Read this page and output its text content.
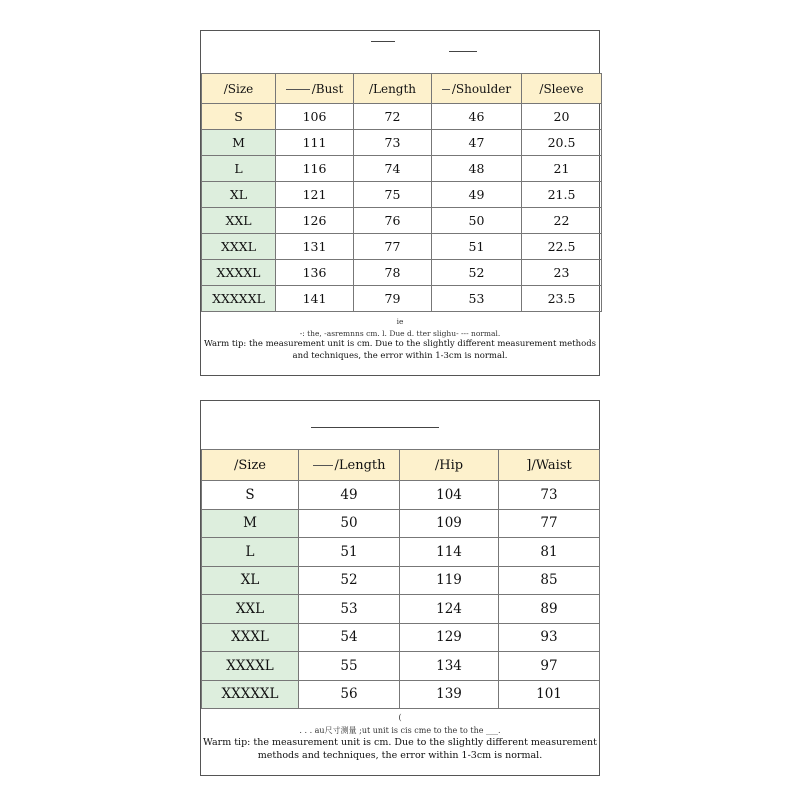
/Size	/Bust	/Length	/Shoulder	/Sleeve
S	106	72	46	20
M	111	73	47	20.5
L	116	74	48	21
XL	121	75	49	21.5
XXL	126	76	50	22
XXXL	131	77	51	22.5
XXXXL	136	78	52	23
XXXXXL	141	79	53	23.5
ie
-: the, -asremnns cm. l. Due d. tter slighu- --- normal.
Warm tip: the measurement unit is cm. Due to the slightly different measurement methods
and techniques, the error within 1-3cm is normal.
/Size	/Length	/Hip	]/Waist
S	49	104	73
M	50	109	77
L	51	114	81
XL	52	119	85
XXL	53	124	89
XXXL	54	129	93
XXXXL	55	134	97
XXXXXL	56	139	101
(
. . . au尺寸测量 ;ut unit is cis cme to the to the ___.
Warm tip: the measurement unit is cm. Due to the slightly different measurement
methods and techniques, the error within 1-3cm is normal.
